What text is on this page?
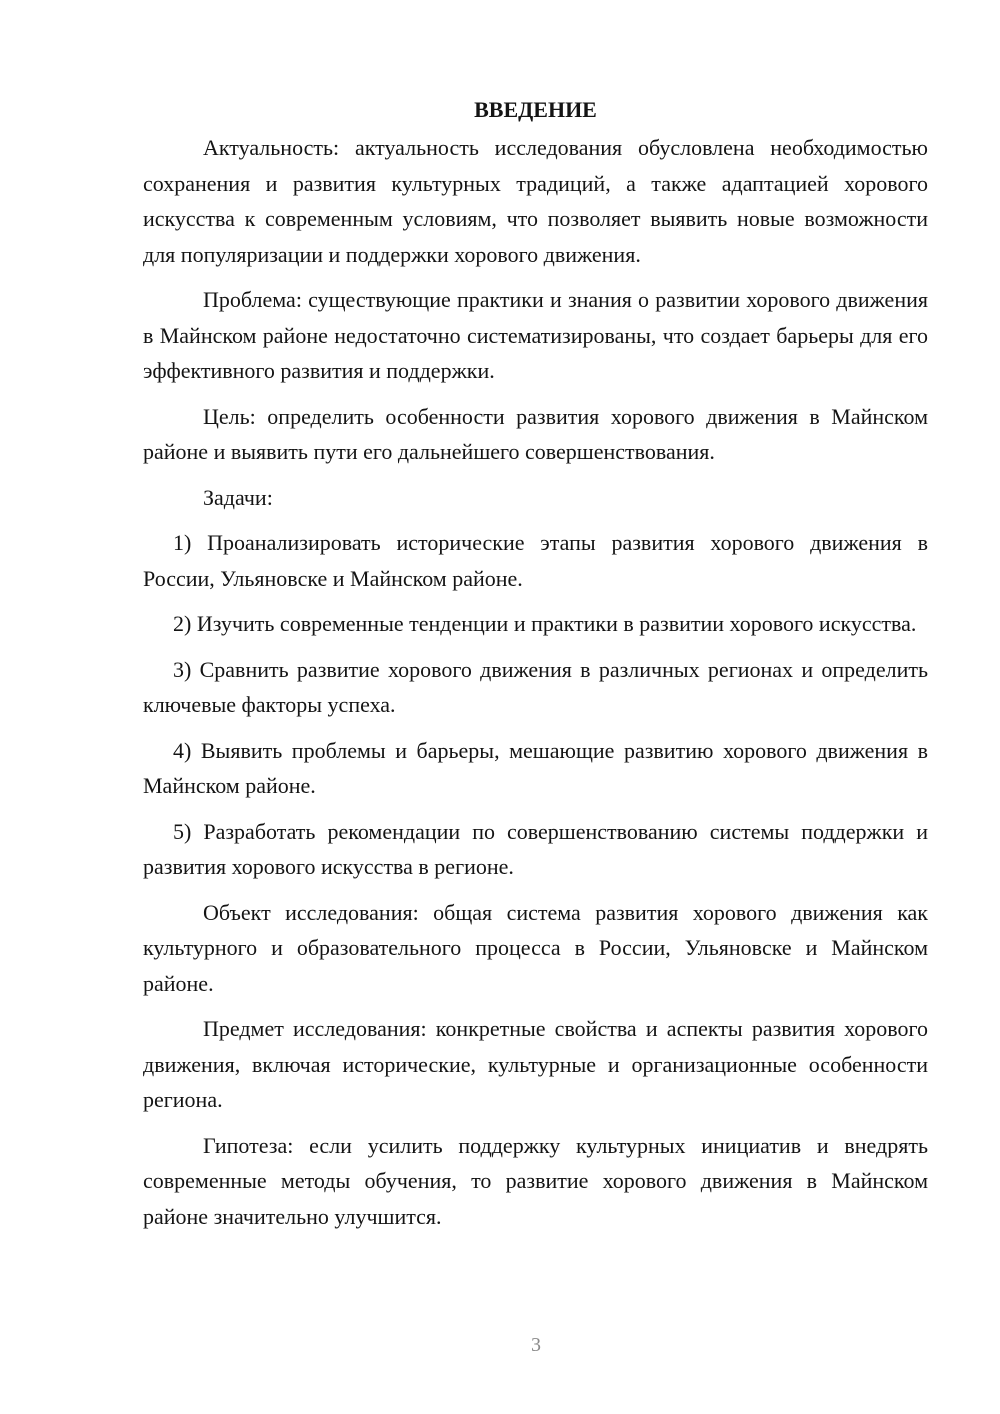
ВВЕДЕНИЕ

Актуальность: актуальность исследования обусловлена необходимостью сохранения и развития культурных традиций, а также адаптацией хорового искусства к современным условиям, что позволяет выявить новые возможности для популяризации и поддержки хорового движения.

Проблема: существующие практики и знания о развитии хорового движения в Майнском районе недостаточно систематизированы, что создает барьеры для его эффективного развития и поддержки.

Цель: определить особенности развития хорового движения в Майнском районе и выявить пути его дальнейшего совершенствования.

Задачи:

1) Проанализировать исторические этапы развития хорового движения в России, Ульяновске и Майнском районе.

2) Изучить современные тенденции и практики в развитии хорового искусства.

3) Сравнить развитие хорового движения в различных регионах и определить ключевые факторы успеха.

4) Выявить проблемы и барьеры, мешающие развитию хорового движения в Майнском районе.

5) Разработать рекомендации по совершенствованию системы поддержки и развития хорового искусства в регионе.

Объект исследования: общая система развития хорового движения как культурного и образовательного процесса в России, Ульяновске и Майнском районе.

Предмет исследования: конкретные свойства и аспекты развития хорового движения, включая исторические, культурные и организационные особенности региона.

Гипотеза: если усилить поддержку культурных инициатив и внедрять современные методы обучения, то развитие хорового движения в Майнском районе значительно улучшится.

3
